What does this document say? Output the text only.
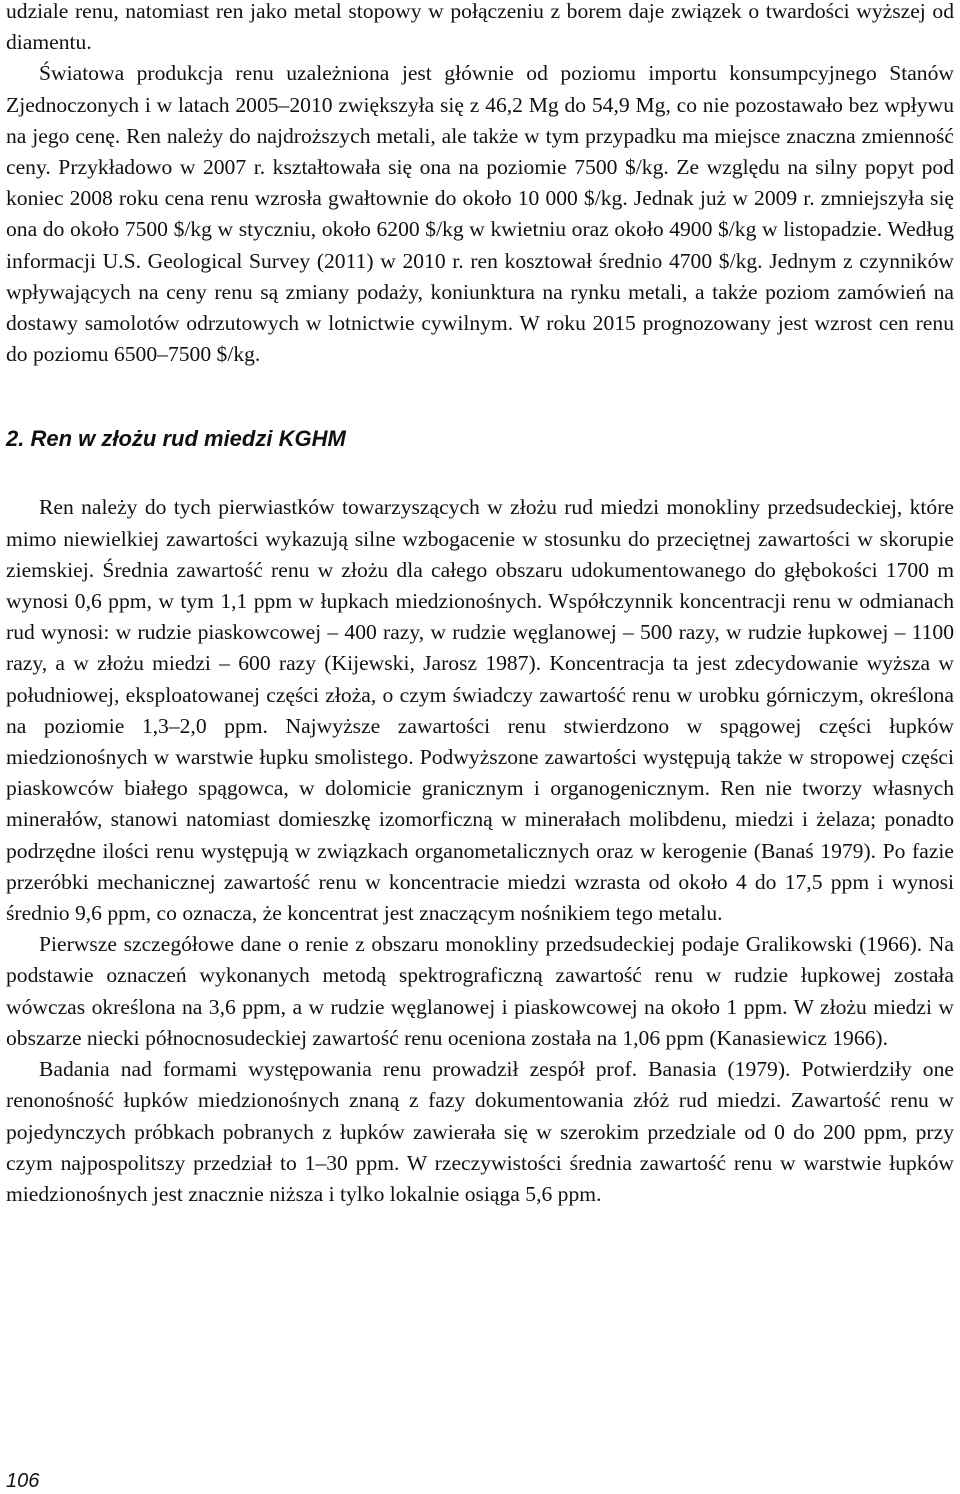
udziale renu, natomiast ren jako metal stopowy w połączeniu z borem daje związek o twardości wyższej od diamentu.

Światowa produkcja renu uzależniona jest głównie od poziomu importu konsumpcyjnego Stanów Zjednoczonych i w latach 2005–2010 zwiększyła się z 46,2 Mg do 54,9 Mg, co nie pozostawało bez wpływu na jego cenę. Ren należy do najdroższych metali, ale także w tym przypadku ma miejsce znaczna zmienność ceny. Przykładowo w 2007 r. kształtowała się ona na poziomie 7500 $/kg. Ze względu na silny popyt pod koniec 2008 roku cena renu wzrosła gwałtownie do około 10 000 $/kg. Jednak już w 2009 r. zmniejszyła się ona do około 7500 $/kg w styczniu, około 6200 $/kg w kwietniu oraz około 4900 $/kg w listopadzie. Według informacji U.S. Geological Survey (2011) w 2010 r. ren kosztował średnio 4700 $/kg. Jednym z czynników wpływających na ceny renu są zmiany podaży, koniunktura na rynku metali, a także poziom zamówień na dostawy samolotów odrzutowych w lotnictwie cywilnym. W roku 2015 prognozowany jest wzrost cen renu do poziomu 6500–7500 $/kg.

2. Ren w złożu rud miedzi KGHM

Ren należy do tych pierwiastków towarzyszących w złożu rud miedzi monokliny przedsudeckiej, które mimo niewielkiej zawartości wykazują silne wzbogacenie w stosunku do przeciętnej zawartości w skorupie ziemskiej. Średnia zawartość renu w złożu dla całego obszaru udokumentowanego do głębokości 1700 m wynosi 0,6 ppm, w tym 1,1 ppm w łupkach miedzionośnych. Współczynnik koncentracji renu w odmianach rud wynosi: w rudzie piaskowcowej – 400 razy, w rudzie węglanowej – 500 razy, w rudzie łupkowej – 1100 razy, a w złożu miedzi – 600 razy (Kijewski, Jarosz 1987). Koncentracja ta jest zdecydowanie wyższa w południowej, eksploatowanej części złoża, o czym świadczy zawartość renu w urobku górniczym, określona na poziomie 1,3–2,0 ppm. Najwyższe zawartości renu stwierdzono w spągowej części łupków miedzionośnych w warstwie łupku smolistego. Podwyższone zawartości występują także w stropowej części piaskowców białego spągowca, w dolomicie granicznym i organogenicznym. Ren nie tworzy własnych minerałów, stanowi natomiast domieszkę izomorficzną w minerałach molibdenu, miedzi i żelaza; ponadto podrzędne ilości renu występują w związkach organometalicznych oraz w kerogenie (Banaś 1979). Po fazie przeróbki mechanicznej zawartość renu w koncentracie miedzi wzrasta od około 4 do 17,5 ppm i wynosi średnio 9,6 ppm, co oznacza, że koncentrat jest znaczącym nośnikiem tego metalu.

Pierwsze szczegółowe dane o renie z obszaru monokliny przedsudeckiej podaje Gralikowski (1966). Na podstawie oznaczeń wykonanych metodą spektrograficzną zawartość renu w rudzie łupkowej została wówczas określona na 3,6 ppm, a w rudzie węglanowej i piaskowcowej na około 1 ppm. W złożu miedzi w obszarze niecki północnosudeckiej zawartość renu oceniona została na 1,06 ppm (Kanasiewicz 1966).

Badania nad formami występowania renu prowadził zespół prof. Banasia (1979). Potwierdziły one renonośność łupków miedzionośnych znaną z fazy dokumentowania złóż rud miedzi. Zawartość renu w pojedynczych próbkach pobranych z łupków zawierała się w szerokim przedziale od 0 do 200 ppm, przy czym najpospolitszy przedział to 1–30 ppm. W rzeczywistości średnia zawartość renu w warstwie łupków miedzionośnych jest znacznie niższa i tylko lokalnie osiąga 5,6 ppm.

106
